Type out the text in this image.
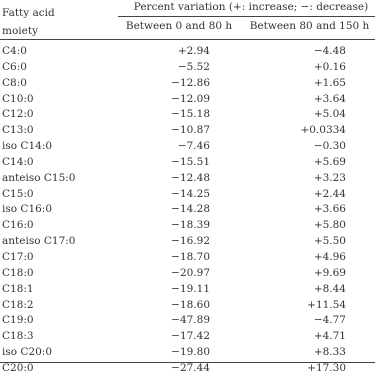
Fatty acid
moiety
Percent variation (+: increase; −: decrease)
Between 0 and 80 h	Between 80 and 150 h
C4:0	+2.94	−4.48
C6:0	−5.52	+0.16
C8:0	−12.86	+1.65
C10:0	−12.09	+3.64
C12:0	−15.18	+5.04
C13:0	−10.87	+0.0334
iso C14:0	−7.46	−0.30
C14:0	−15.51	+5.69
anteiso C15:0	−12.48	+3.23
C15:0	−14.25	+2.44
iso C16:0	−14.28	+3.66
C16:0	−18.39	+5.80
anteiso C17:0	−16.92	+5.50
C17:0	−18.70	+4.96
C18:0	−20.97	+9.69
C18:1	−19.11	+8.44
C18:2	−18.60	+11.54
C19:0	−47.89	−4.77
C18:3	−17.42	+4.71
iso C20:0	−19.80	+8.33
C20:0	−27.44	+17.30
